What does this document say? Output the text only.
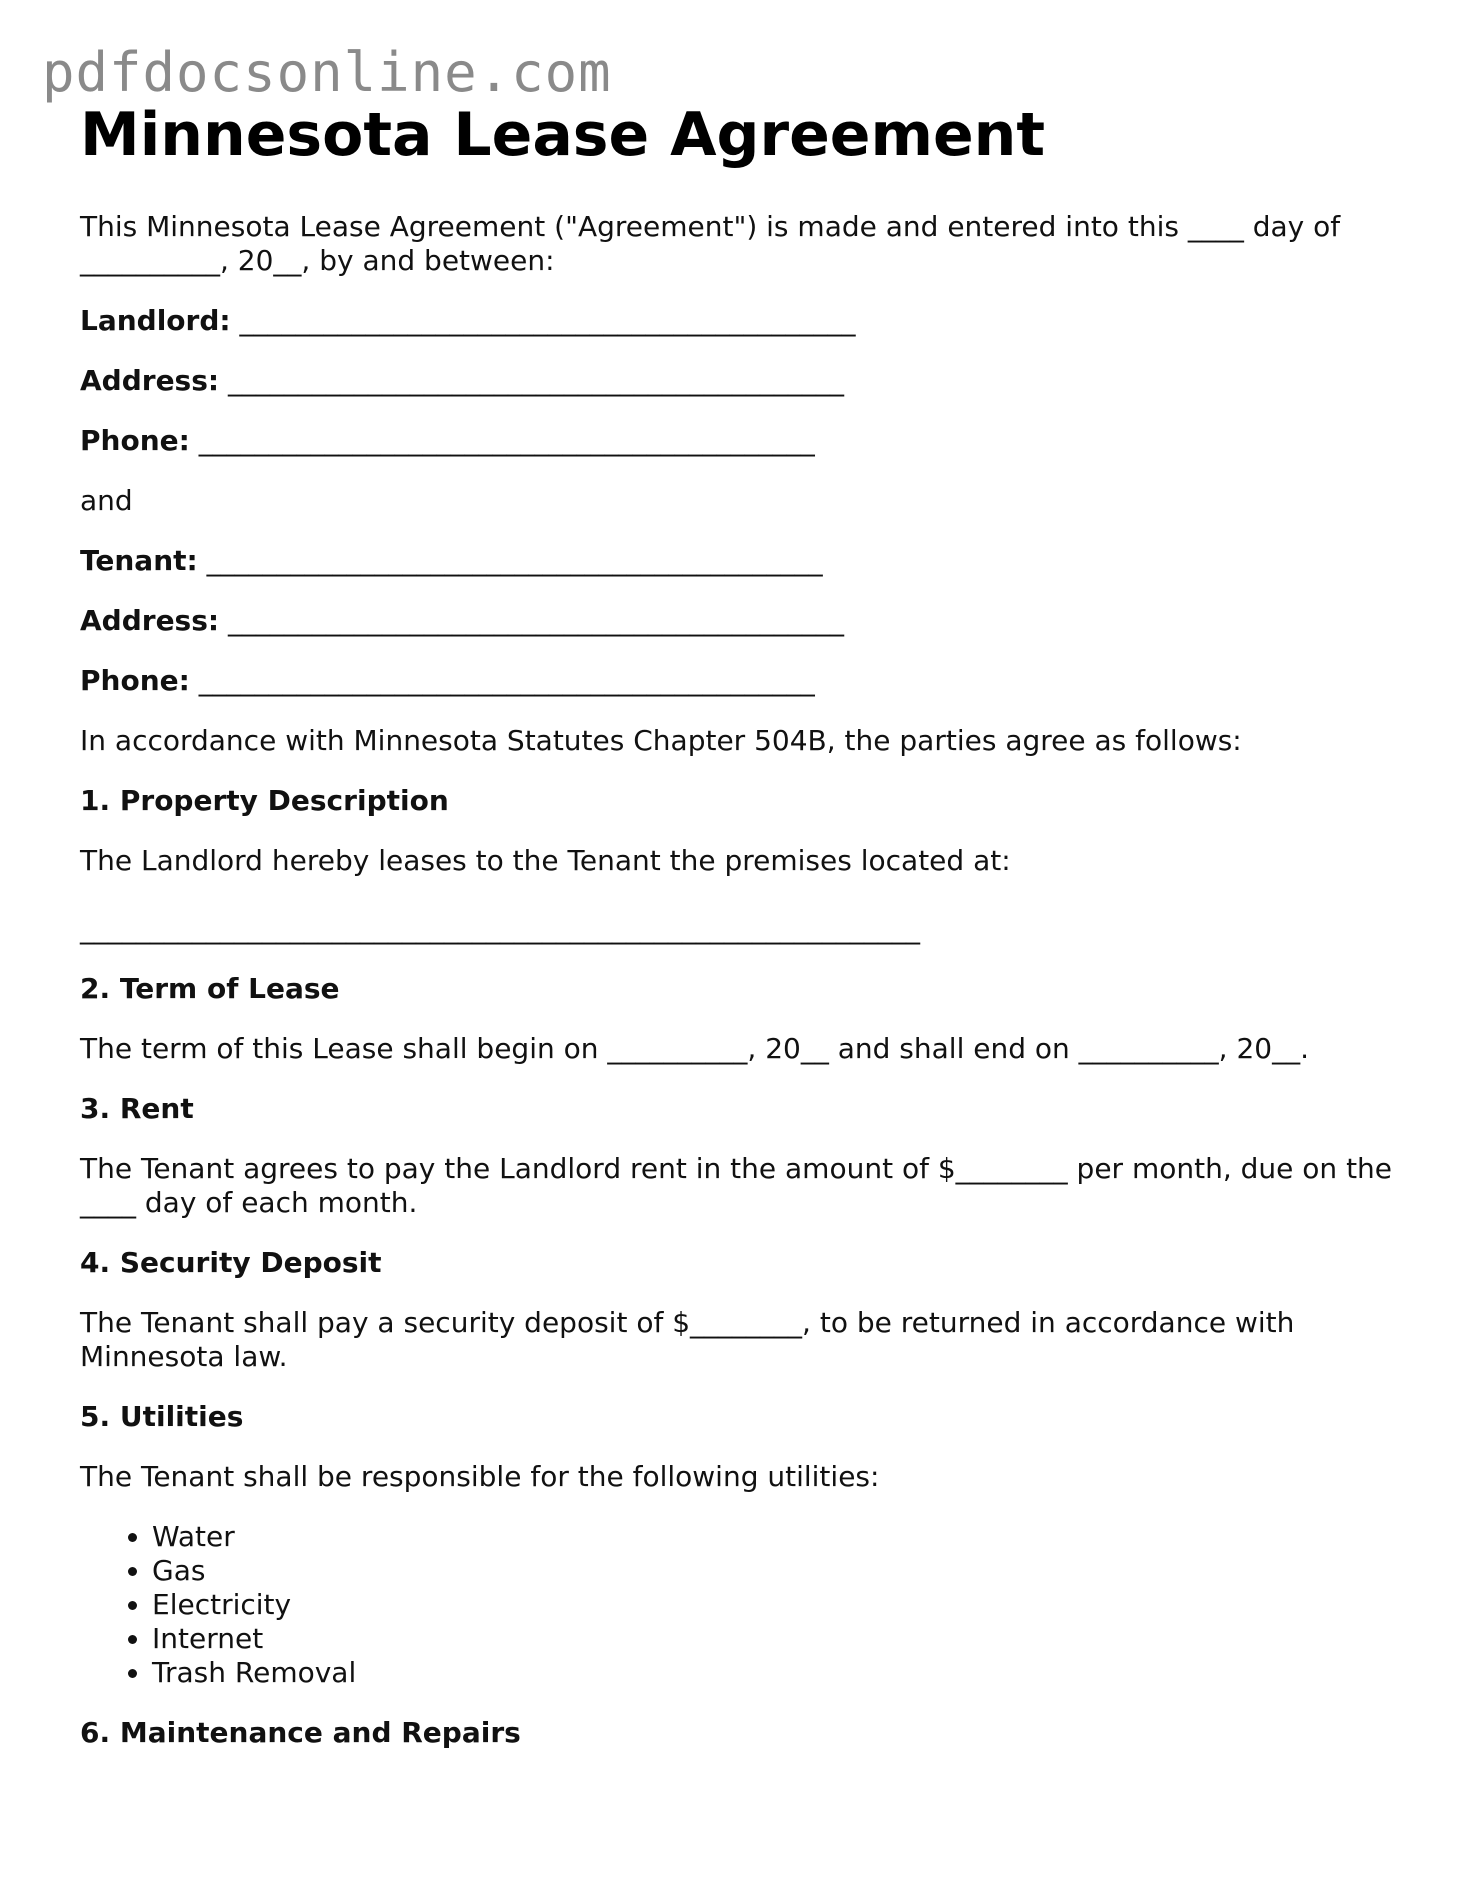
pdfdocsonline.com
Minnesota Lease Agreement

This Minnesota Lease Agreement ("Agreement") is made and entered into this ____ day of __________, 20__, by and between:

Landlord: ____________________________________________

Address: ____________________________________________

Phone: ____________________________________________

and

Tenant: ____________________________________________

Address: ____________________________________________

Phone: ____________________________________________

In accordance with Minnesota Statutes Chapter 504B, the parties agree as follows:

1. Property Description

The Landlord hereby leases to the Tenant the premises located at:

____________________________________________________________

2. Term of Lease

The term of this Lease shall begin on __________, 20__ and shall end on __________, 20__.

3. Rent

The Tenant agrees to pay the Landlord rent in the amount of $________ per month, due on the ____ day of each month.

4. Security Deposit

The Tenant shall pay a security deposit of $________, to be returned in accordance with Minnesota law.

5. Utilities

The Tenant shall be responsible for the following utilities:

• Water
• Gas
• Electricity
• Internet
• Trash Removal
6. Maintenance and Repairs
